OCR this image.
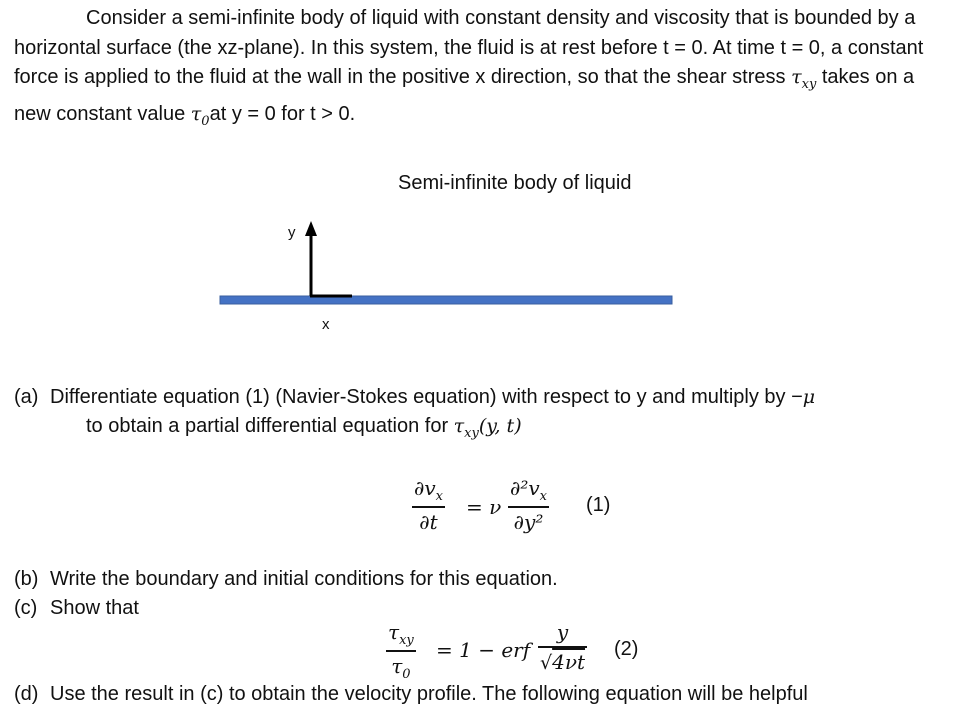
Consider a semi-infinite body of liquid with constant density and viscosity that is bounded by a horizontal surface (the xz-plane). In this system, the fluid is at rest before t = 0. At time t = 0, a constant force is applied to the fluid at the wall in the positive x direction, so that the shear stress $\tau_{xy}$ takes on a new constant value $\tau_0at$ y = 0 for t > 0.

Semi-infinite body of liquid
y
x
(a) Differentiate equation (1) (Navier-Stokes equation) with respect to y and multiply by −μ
to obtain a partial differential equation for $\tau_{xy}(y$, t)
$\partial v_x$
∂t
= ν
$\partial^2v_x$
∂y²
(1)
(b) Write the boundary and initial conditions for this equation.
(c) Show that
$\tau_{xy}$
$\tau_0$
= 1 − erf
y
√4νt
(2)
(d) Use the result in (c) to obtain the velocity profile. The following equation will be helpful
